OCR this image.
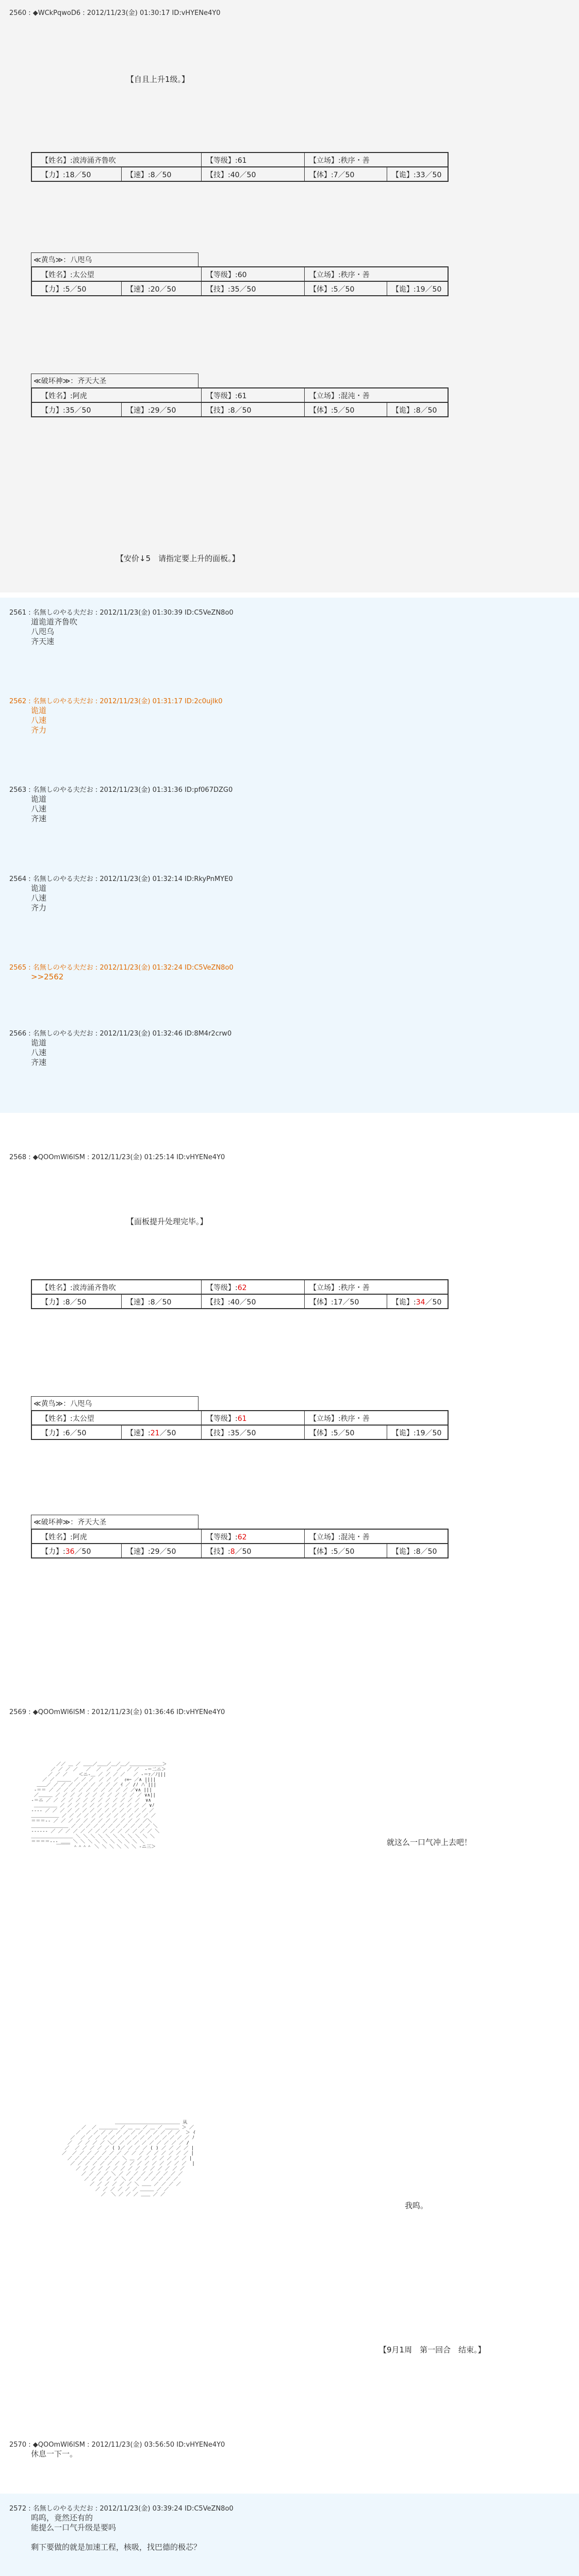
2560 : ◆WCkPqwoD6 : 2012/11/23(金) 01:30:17 ID:vHYENe4Y0
【自且上升1级。】
【姓名】:波涛涌齐鲁吹	【等级】:61	【立场】:秩序・善
【力】:18／50	【速】:8／50	【技】:40／50	【体】:7／50	【诡】:33／50
≪黄鸟≫：八咫乌
【姓名】:太公望	【等级】:60	【立场】:秩序・善
【力】:5／50	【速】:20／50	【技】:35／50	【体】:5／50	【诡】:19／50
≪破坏神≫：齐天大圣
【姓名】:阿虎	【等级】:61	【立场】:混沌・善
【力】:35／50	【速】:29／50	【技】:8／50	【体】:5／50	【诡】:8／50
【安价↓5　请指定要上升的面板。】
2561 : 名無しのやる夫だお : 2012/11/23(金) 01:30:39 ID:C5VeZN8o0
道诡道齐鲁吹
八咫乌
齐天速
2562 : 名無しのやる夫だお : 2012/11/23(金) 01:31:17 ID:2c0ujIk0
诡道
八速
齐力
2563 : 名無しのやる夫だお : 2012/11/23(金) 01:31:36 ID:pf067DZG0
诡道
八速
齐速
2564 : 名無しのやる夫だお : 2012/11/23(金) 01:32:14 ID:RkyPnMYE0
诡道
八速
齐力
2565 : 名無しのやる夫だお : 2012/11/23(金) 01:32:24 ID:C5VeZN8o0
>>2562
2566 : 名無しのやる夫だお : 2012/11/23(金) 01:32:46 ID:8M4r2crw0
诡道
八速
齐速
2568 : ◆QOOmWl6lSM : 2012/11/23(金) 01:25:14 ID:vHYENe4Y0
【面板提升处理完毕。】
【姓名】:波涛涌齐鲁吹	【等级】:62	【立场】:秩序・善
【力】:8／50	【速】:8／50	【技】:40／50	【体】:17／50	【诡】:34／50
≪黄鸟≫：八咫乌
【姓名】:太公望	【等级】:61	【立场】:秩序・善
【力】:6／50	【速】:21／50	【技】:35／50	【体】:5／50	【诡】:19／50
≪破坏神≫：齐天大圣
【姓名】:阿虎	【等级】:62	【立场】:混沌・善
【力】:36／50	【速】:29／50	【技】:8／50	【体】:5／50	【诡】:8／50
2569 : ◆QOOmWl6lSM : 2012/11/23(金) 01:36:46 ID:vHYENe4Y0
／／ ＿ ／ ＿＿／＿＿／＿／＿／＿＿＿＿＿＿＿＞
／ ／ ／ ／   ／  ／  ／  ／  ／ ／  ‐＝二ニ＞
／ ／ ／    ＜ニ‐＿ ／ ／ ／ ／   ／ ‐＝ｧ／ﾉ|||
／ ／ ＿＿＿ ／ ／ ／  ／ ／ ／  ｨ=ｰ ／∧ ||||
＿＿／ ／ ／ ／ ／ ／ ／ ／ ／ ／ ｲ ／ /ﾉ ∧ﾞ|||
‐＝＝ ／ ／ ／ ／ ／ ／ ／ ／ ／ ／ ／ ／∨∧ |||
／＿＿＿ ／ ／ ／ ／ ／ ／ ／ ／ ／ ／ ／ ／ ∨∧||
‐＝ニ ／ ／ ／ ／ ／ ／ ／ ／ ／ ／ ／ ／ ／  ∨∧
＿＿＿＿＿ ／ ／ ／ ／ ／ ／ ／ ／ ／ ／ ／ ／ ∨ﾉ
‐‐‐‐ ／ ／ ／ ／ ／ ／ ／ ／ ／ ／ ／ ／ ／ ／ ／
＿＿＿＿＿＿ ／ ／ ／ ／ ／ ／ ／ ／ ／ ／ ／ ／ ／
＝＝＝‐‐ ／ ／ ／ ／ ／ ／ ／ ／ ／ ／ ／ ／ ／＼
＿＿＿＿＿＿＿＿ ／ ／ ／ ／ ／ ／ ／ ／ ／ ／ ／ ＼
‐‐‐‐‐‐ ／ ／ ／ ／ ／ ／ ／ ／ ／ ／ ／ ／ ／ ／ ＼
＿＿＿＿＿＿＿＿＿ ＼ ＼ ＼ ＼ ＼ ＼ ＼ ＼ ＼ ＼ ＼
＝＝＝＝‐‐‐ ＿＿ ＼ ＼ ＼ ＼ ＼ ＼ ＼ ＼ ＼ ＼
￣￣￣ ＾＾＾＾ ＼ ＼ ＼ ＼ ＼ ＼ ‐ニ三＞	就这么一口气冲上去吧！
＿＿＿＿＿＿＿＿＿＿＿＿＿＿ 从
／  ／ ＿＿＿＿ ／ ＿ ＿ ／ ＿ ／ ＿＿＿ ＞ ／
／  ／ ／ ／ ／ ／ ／ ／ ／ ／ ／ ／ ／ ／  ＞ ｲ
／  ／ ／ ／ ／ ／ ／ ／ ／ ／ ／ ／ ／ ／ ／ ／ ﾉ
／  ／ ／ ／ ／ ＼／ ／ ／ ／ ／ ／ ／ ／ ／ ／ /
／  ／ ／ ／ ／ ／ ( )／ ／ ／ ／ ( ) ／ ／ ／ ／ |
／  ／ ／ ／ ／ ／ ／ ／ ／ ／ ／ ／ ／ ／ ／ ／ ／ |
／ ／ ／ ／ ／ ／ ／  ＼ ＿ ／ ／ ／ ／ ／ ／ ／ |
／ ／ ／ ／ ／ ／ ／ ／ ／ ／ ／ ／ ／ ／ ／ ／  |
／ ／ ／ ／ ／ ／ ／ ／ ／ ／ ／ ／ ／ ／ ／
／ ／ ／ ／ ＼ ／ ／ ／ ／ ／ ／ ／ ／ ／
／ ／ ／ ／ ／ ＼ ／ ／ ／ ／ ／ ／ ／
／ ／ ／ ／ ／ ／ ＼ ＿＿ ／ ／ ／ ／
／ ／ ／ ／ ／ ／ ＿＿＿ ／ ／
／  ＼ ／ ／ ／ ＿＿ ／ ／
我呜。
【9月1周　第一回合　结束。】
2570 : ◆QOOmWl6lSM : 2012/11/23(金) 03:56:50 ID:vHYENe4Y0
休息一下一。
2572 : 名無しのやる夫だお : 2012/11/23(金) 03:39:24 ID:C5VeZN8o0
呜呜，竟然还有的
能提么一口气升级是要吗

剩下要做的就是加速工程，核吸，找巴德的极芯？
